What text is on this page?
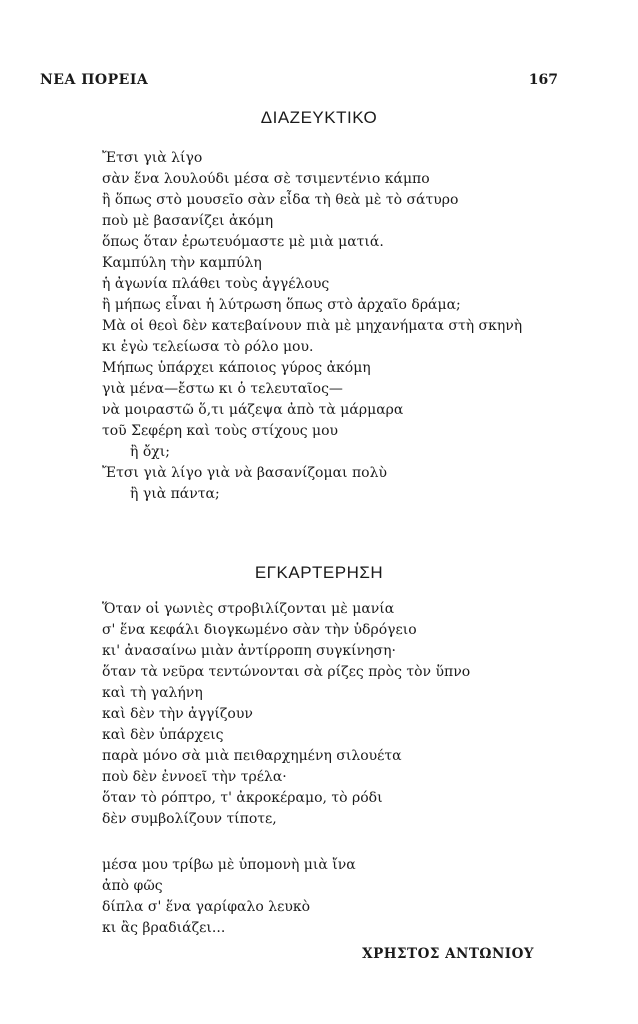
ΝΕΑ ΠΟΡΕΙΑ	167
ΔΙΑΖΕΥΚΤΙΚΟ
Ἔτσι γιὰ λίγο
σὰν ἕνα λουλούδι μέσα σὲ τσιμεντένιο κάμπο
ἢ ὅπως στὸ μουσεῖο σὰν εἶδα τὴ θεὰ μὲ τὸ σάτυρο
ποὺ μὲ βασανίζει ἀκόμη
ὅπως ὅταν ἐρωτευόμαστε μὲ μιὰ ματιά.
Καμπύλη τὴν καμπύλη
ἡ ἀγωνία πλάθει τοὺς ἀγγέλους
ἢ μήπως εἶναι ἡ λύτρωση ὅπως στὸ ἀρχαῖο δράμα;
Μὰ οἱ θεοὶ δὲν κατεβαίνουν πιὰ μὲ μηχανήματα στὴ σκηνὴ
κι ἐγὼ τελείωσα τὸ ρόλο μου.
Μήπως ὑπάρχει κάποιος γύρος ἀκόμη
γιὰ μένα—ἔστω κι ὁ τελευταῖος—
νὰ μοιραστῶ ὅ,τι μάζεψα ἀπὸ τὰ μάρμαρα
τοῦ Σεφέρη καὶ τοὺς στίχους μου
ἢ ὄχι;
Ἔτσι γιὰ λίγο γιὰ νὰ βασανίζομαι πολὺ
ἢ γιὰ πάντα;
ΕΓΚΑΡΤΕΡΗΣΗ
Ὅταν οἱ γωνιὲς στροβιλίζονται μὲ μανία
σ' ἕνα κεφάλι διογκωμένο σὰν τὴν ὑδρόγειο
κι' ἀνασαίνω μιὰν ἀντίρροπη συγκίνηση·
ὅταν τὰ νεῦρα τεντώνονται σὰ ρίζες πρὸς τὸν ὕπνο
καὶ τὴ γαλήνη
καὶ δὲν τὴν ἀγγίζουν
καὶ δὲν ὑπάρχεις
παρὰ μόνο σὰ μιὰ πειθαρχημένη σιλουέτα
ποὺ δὲν ἐννοεῖ τὴν τρέλα·
ὅταν τὸ ρόπτρο, τ' ἀκροκέραμο, τὸ ρόδι
δὲν συμβολίζουν τίποτε,
μέσα μου τρίβω μὲ ὑπομονὴ μιὰ ἴνα
ἀπὸ φῶς
δίπλα σ' ἕνα γαρίφαλο λευκὸ
κι ἂς βραδιάζει...
ΧΡΗΣΤΟΣ ΑΝΤΩΝΙΟΥ
